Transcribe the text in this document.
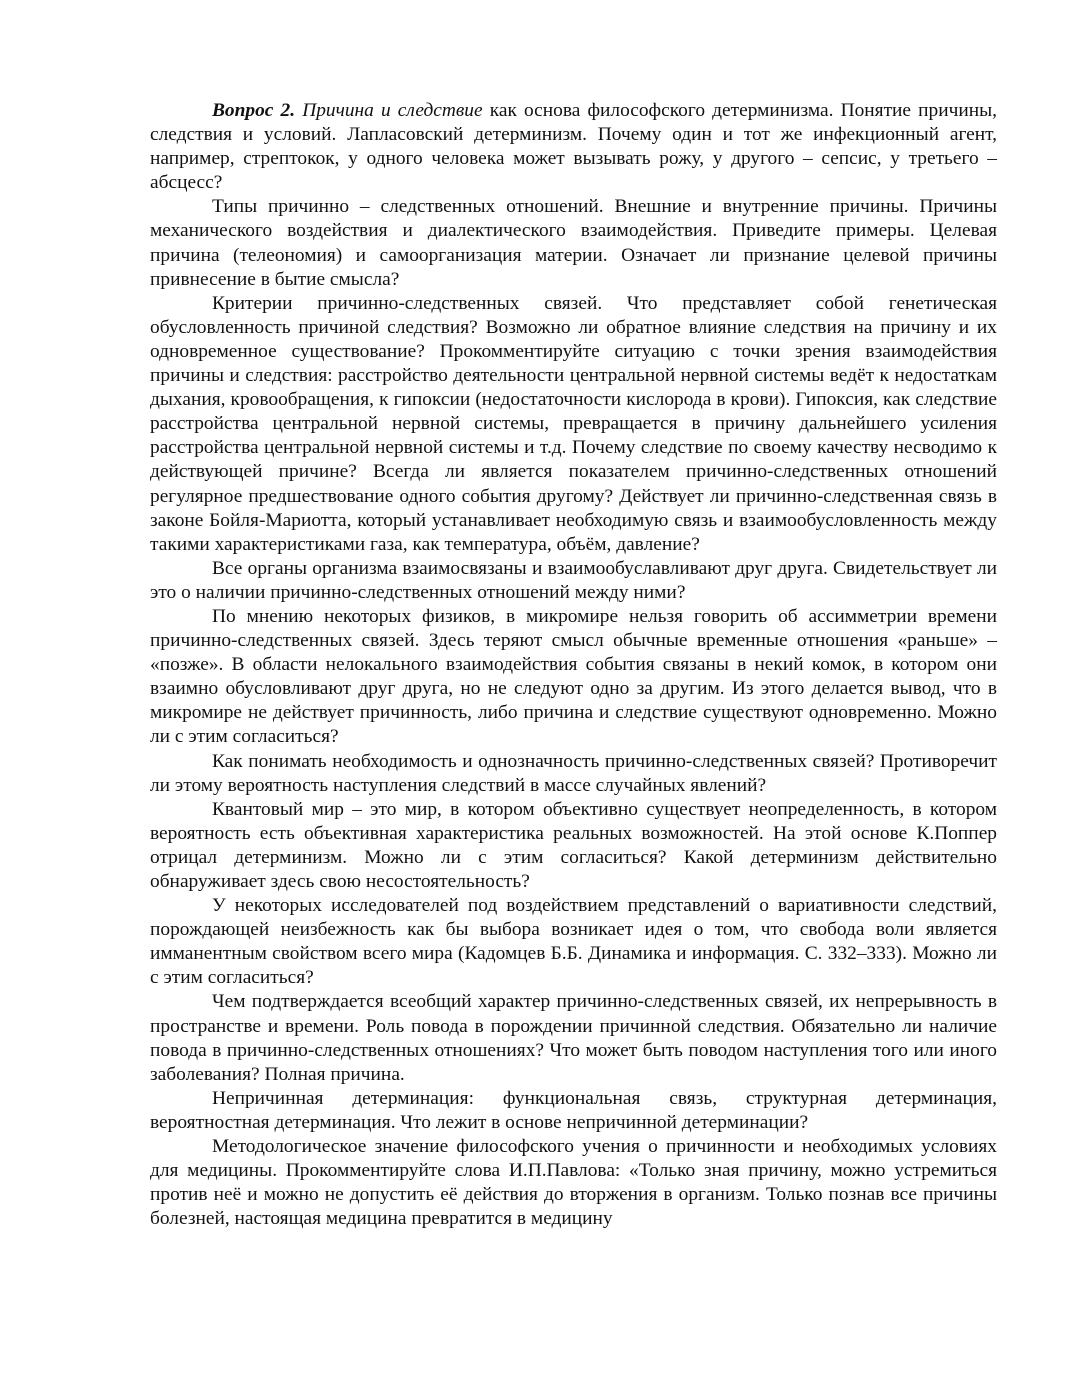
Вопрос 2. Причина и следствие как основа философского детерминизма. Понятие причины, следствия и условий. Лапласовский детерминизм. Почему один и тот же инфекционный агент, например, стрептокок, у одного человека может вызывать рожу, у другого – сепсис, у третьего – абсцесс?

Типы причинно – следственных отношений. Внешние и внутренние причины. Причины механического воздействия и диалектического взаимодействия. Приведите примеры. Целевая причина (телеономия) и самоорганизация материи. Означает ли признание целевой причины привнесение в бытие смысла?

Критерии причинно-следственных связей. Что представляет собой генетическая обусловленность причиной следствия? Возможно ли обратное влияние следствия на причину и их одновременное существование? Прокомментируйте ситуацию с точки зрения взаимодействия причины и следствия: расстройство деятельности центральной нервной системы ведёт к недостаткам дыхания, кровообращения, к гипоксии (недостаточности кислорода в крови). Гипоксия, как следствие расстройства центральной нервной системы, превращается в причину дальнейшего усиления расстройства центральной нервной системы и т.д. Почему следствие по своему качеству несводимо к действующей причине? Всегда ли является показателем причинно-следственных отношений регулярное предшествование одного события другому? Действует ли причинно-следственная связь в законе Бойля-Мариотта, который устанавливает необходимую связь и взаимообусловленность между такими характеристиками газа, как температура, объём, давление?

Все органы организма взаимосвязаны и взаимообуславливают друг друга. Свидетельствует ли это о наличии причинно-следственных отношений между ними?

По мнению некоторых физиков, в микромире нельзя говорить об ассимметрии времени причинно-следственных связей. Здесь теряют смысл обычные временные отношения «раньше» – «позже». В области нелокального взаимодействия события связаны в некий комок, в котором они взаимно обусловливают друг друга, но не следуют одно за другим. Из этого делается вывод, что в микромире не действует причинность, либо причина и следствие существуют одновременно. Можно ли с этим согласиться?

Как понимать необходимость и однозначность причинно-следственных связей? Противоречит ли этому вероятность наступления следствий в массе случайных явлений?

Квантовый мир – это мир, в котором объективно существует неопределенность, в котором вероятность есть объективная характеристика реальных возможностей. На этой основе К.Поппер отрицал детерминизм. Можно ли с этим согласиться? Какой детерминизм действительно обнаруживает здесь свою несостоятельность?

У некоторых исследователей под воздействием представлений о вариативности следствий, порождающей неизбежность как бы выбора возникает идея о том, что свобода воли является имманентным свойством всего мира (Кадомцев Б.Б. Динамика и информация. С. 332–333). Можно ли с этим согласиться?

Чем подтверждается всеобщий характер причинно-следственных связей, их непрерывность в пространстве и времени. Роль повода в порождении причинной следствия. Обязательно ли наличие повода в причинно-следственных отношениях? Что может быть поводом наступления того или иного заболевания? Полная причина.

Непричинная детерминация: функциональная связь, структурная детерминация, вероятностная детерминация. Что лежит в основе непричинной детерминации?

Методологическое значение философского учения о причинности и необходимых условиях для медицины. Прокомментируйте слова И.П.Павлова: «Только зная причину, можно устремиться против неё и можно не допустить её действия до вторжения в организм. Только познав все причины болезней, настоящая медицина превратится в медицину
